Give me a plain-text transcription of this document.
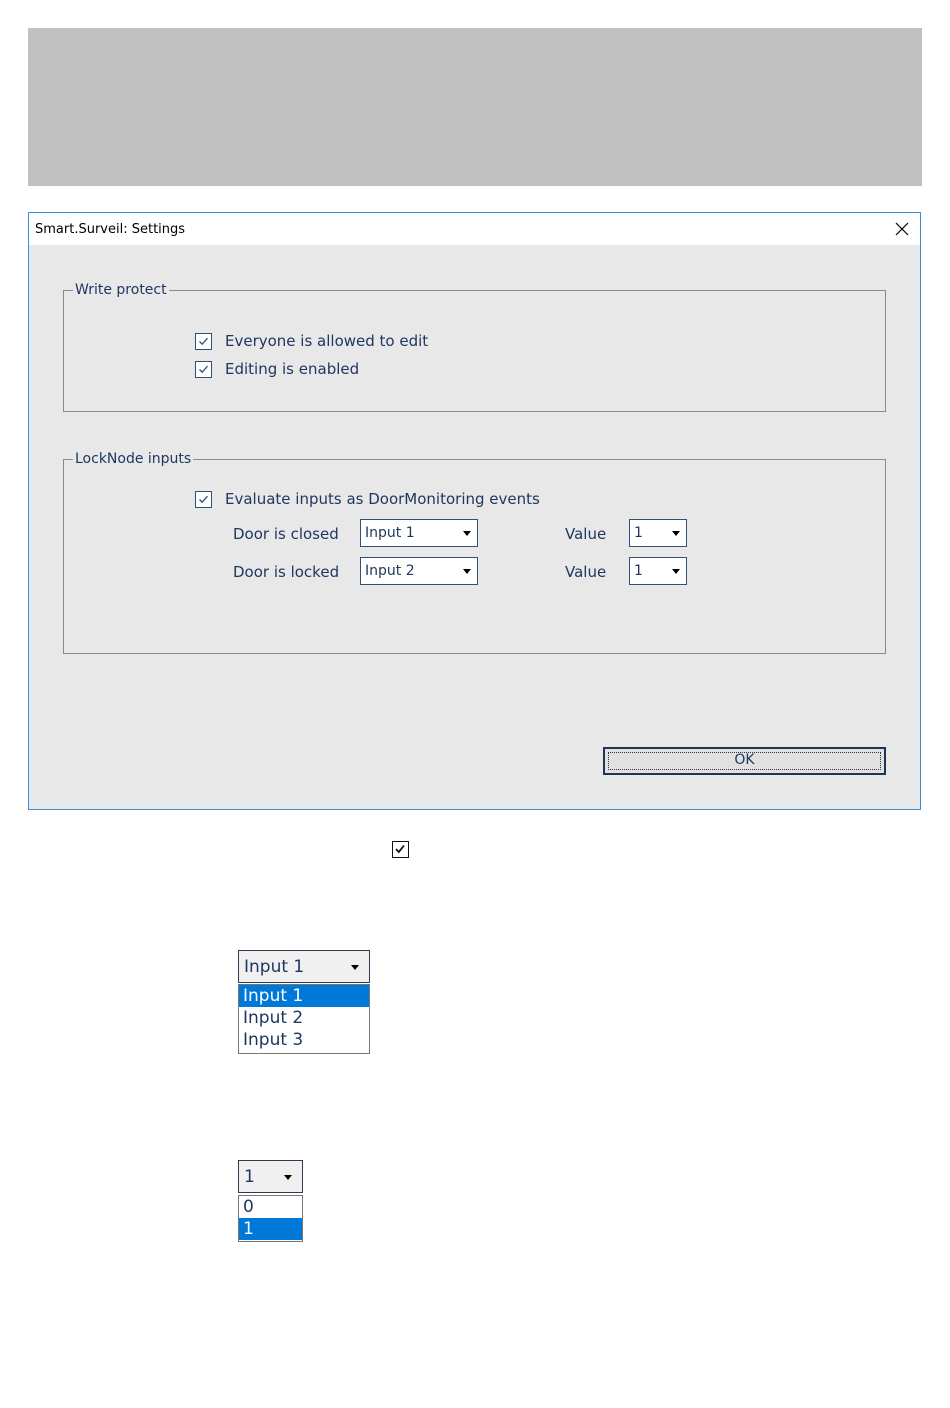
Smart.Surveil: Settings
Write protect
Everyone is allowed to edit
Editing is enabled
LockNode inputs
Evaluate inputs as DoorMonitoring events
Door is closed Input 1	Value 1
Door is locked Input 2	Value 1
OK
Input 1
Input 1
Input 2
Input 3
1
0
1
